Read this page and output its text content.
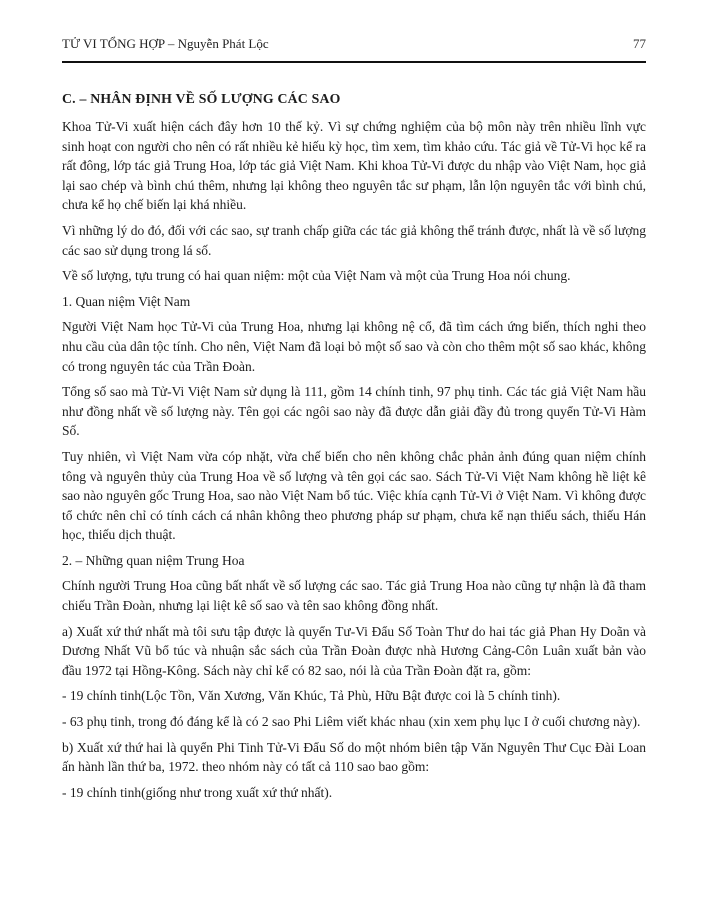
TỬ VI TỔNG HỢP – Nguyễn Phát Lộc	77
C. – NHÂN ĐỊNH VỀ SỐ LƯỢNG CÁC SAO

Khoa Tử-Vi xuất hiện cách đây hơn 10 thế kỷ. Vì sự chứng nghiệm của bộ môn này trên nhiều lĩnh vực sinh hoạt con người cho nên có rất nhiều kẻ hiếu kỳ học, tìm xem, tìm khảo cứu. Tác giả về Tử-Vi học kể ra rất đông, lớp tác giả Trung Hoa, lớp tác giả Việt Nam. Khi khoa Tử-Vi được du nhập vào Việt Nam, học giả lại sao chép và bình chú thêm, nhưng lại không theo nguyên tắc sư phạm, lẫn lộn nguyên tắc với bình chú, chưa kể họ chế biến lại khá nhiều.

Vì những lý do đó, đối với các sao, sự tranh chấp giữa các tác giả không thể tránh được, nhất là về số lượng các sao sử dụng trong lá số.

Về số lượng, tựu trung có hai quan niệm: một của Việt Nam và một của Trung Hoa nói chung.

1. Quan niệm Việt Nam

Người Việt Nam học Tử-Vi của Trung Hoa, nhưng lại không nệ cổ, đã tìm cách ứng biến, thích nghi theo nhu cầu của dân tộc tính. Cho nên, Việt Nam đã loại bỏ một số sao và còn cho thêm một số sao khác, không có trong nguyên tác của Trần Đoàn.

Tổng số sao mà Tử-Vi Việt Nam sử dụng là 111, gồm 14 chính tinh, 97 phụ tinh. Các tác giả Việt Nam hầu như đồng nhất về số lượng này. Tên gọi các ngôi sao này đã được dẫn giải đầy đủ trong quyển Tử-Vi Hàm Số.

Tuy nhiên, vì Việt Nam vừa cóp nhặt, vừa chế biến cho nên không chắc phản ảnh đúng quan niệm chính tông và nguyên thủy của Trung Hoa về số lượng và tên gọi các sao. Sách Tử-Vi Việt Nam không hề liệt kê sao nào nguyên gốc Trung Hoa, sao nào Việt Nam bổ túc. Việc khía cạnh Tử-Vi ở Việt Nam. Vì không được tổ chức nên chỉ có tính cách cá nhân không theo phương pháp sư phạm, chưa kể nạn thiếu sách, thiếu Hán học, thiếu dịch thuật.

2. – Những quan niệm Trung Hoa

Chính người Trung Hoa cũng bất nhất về số lượng các sao. Tác giả Trung Hoa nào cũng tự nhận là đã tham chiếu Trần Đoàn, nhưng lại liệt kê số sao và tên sao không đồng nhất.

a) Xuất xứ thứ nhất mà tôi sưu tập được là quyển Tư-Vi Đẩu Số Toàn Thư do hai tác giả Phan Hy Doãn và Dương Nhất Vũ bổ túc và nhuận sắc sách của Trần Đoàn được nhà Hương Cảng-Côn Luân xuất bản vào đầu 1972 tại Hồng-Kông. Sách này chỉ kể có 82 sao, nói là của Trần Đoàn đặt ra, gồm:

- 19 chính tinh(Lộc Tồn, Văn Xương, Văn Khúc, Tả Phù, Hữu Bật được coi là 5 chính tinh).

- 63 phụ tinh, trong đó đáng kể là có 2 sao Phi Liêm viết khác nhau (xin xem phụ lục I ở cuối chương này).

b) Xuất xứ thứ hai là quyển Phi Tinh Tử-Vi Đẩu Số do một nhóm biên tập Văn Nguyên Thư Cục Đài Loan ấn hành lần thứ ba, 1972. theo nhóm này có tất cả 110 sao bao gồm:

- 19 chính tinh(giống như trong xuất xứ thứ nhất).
